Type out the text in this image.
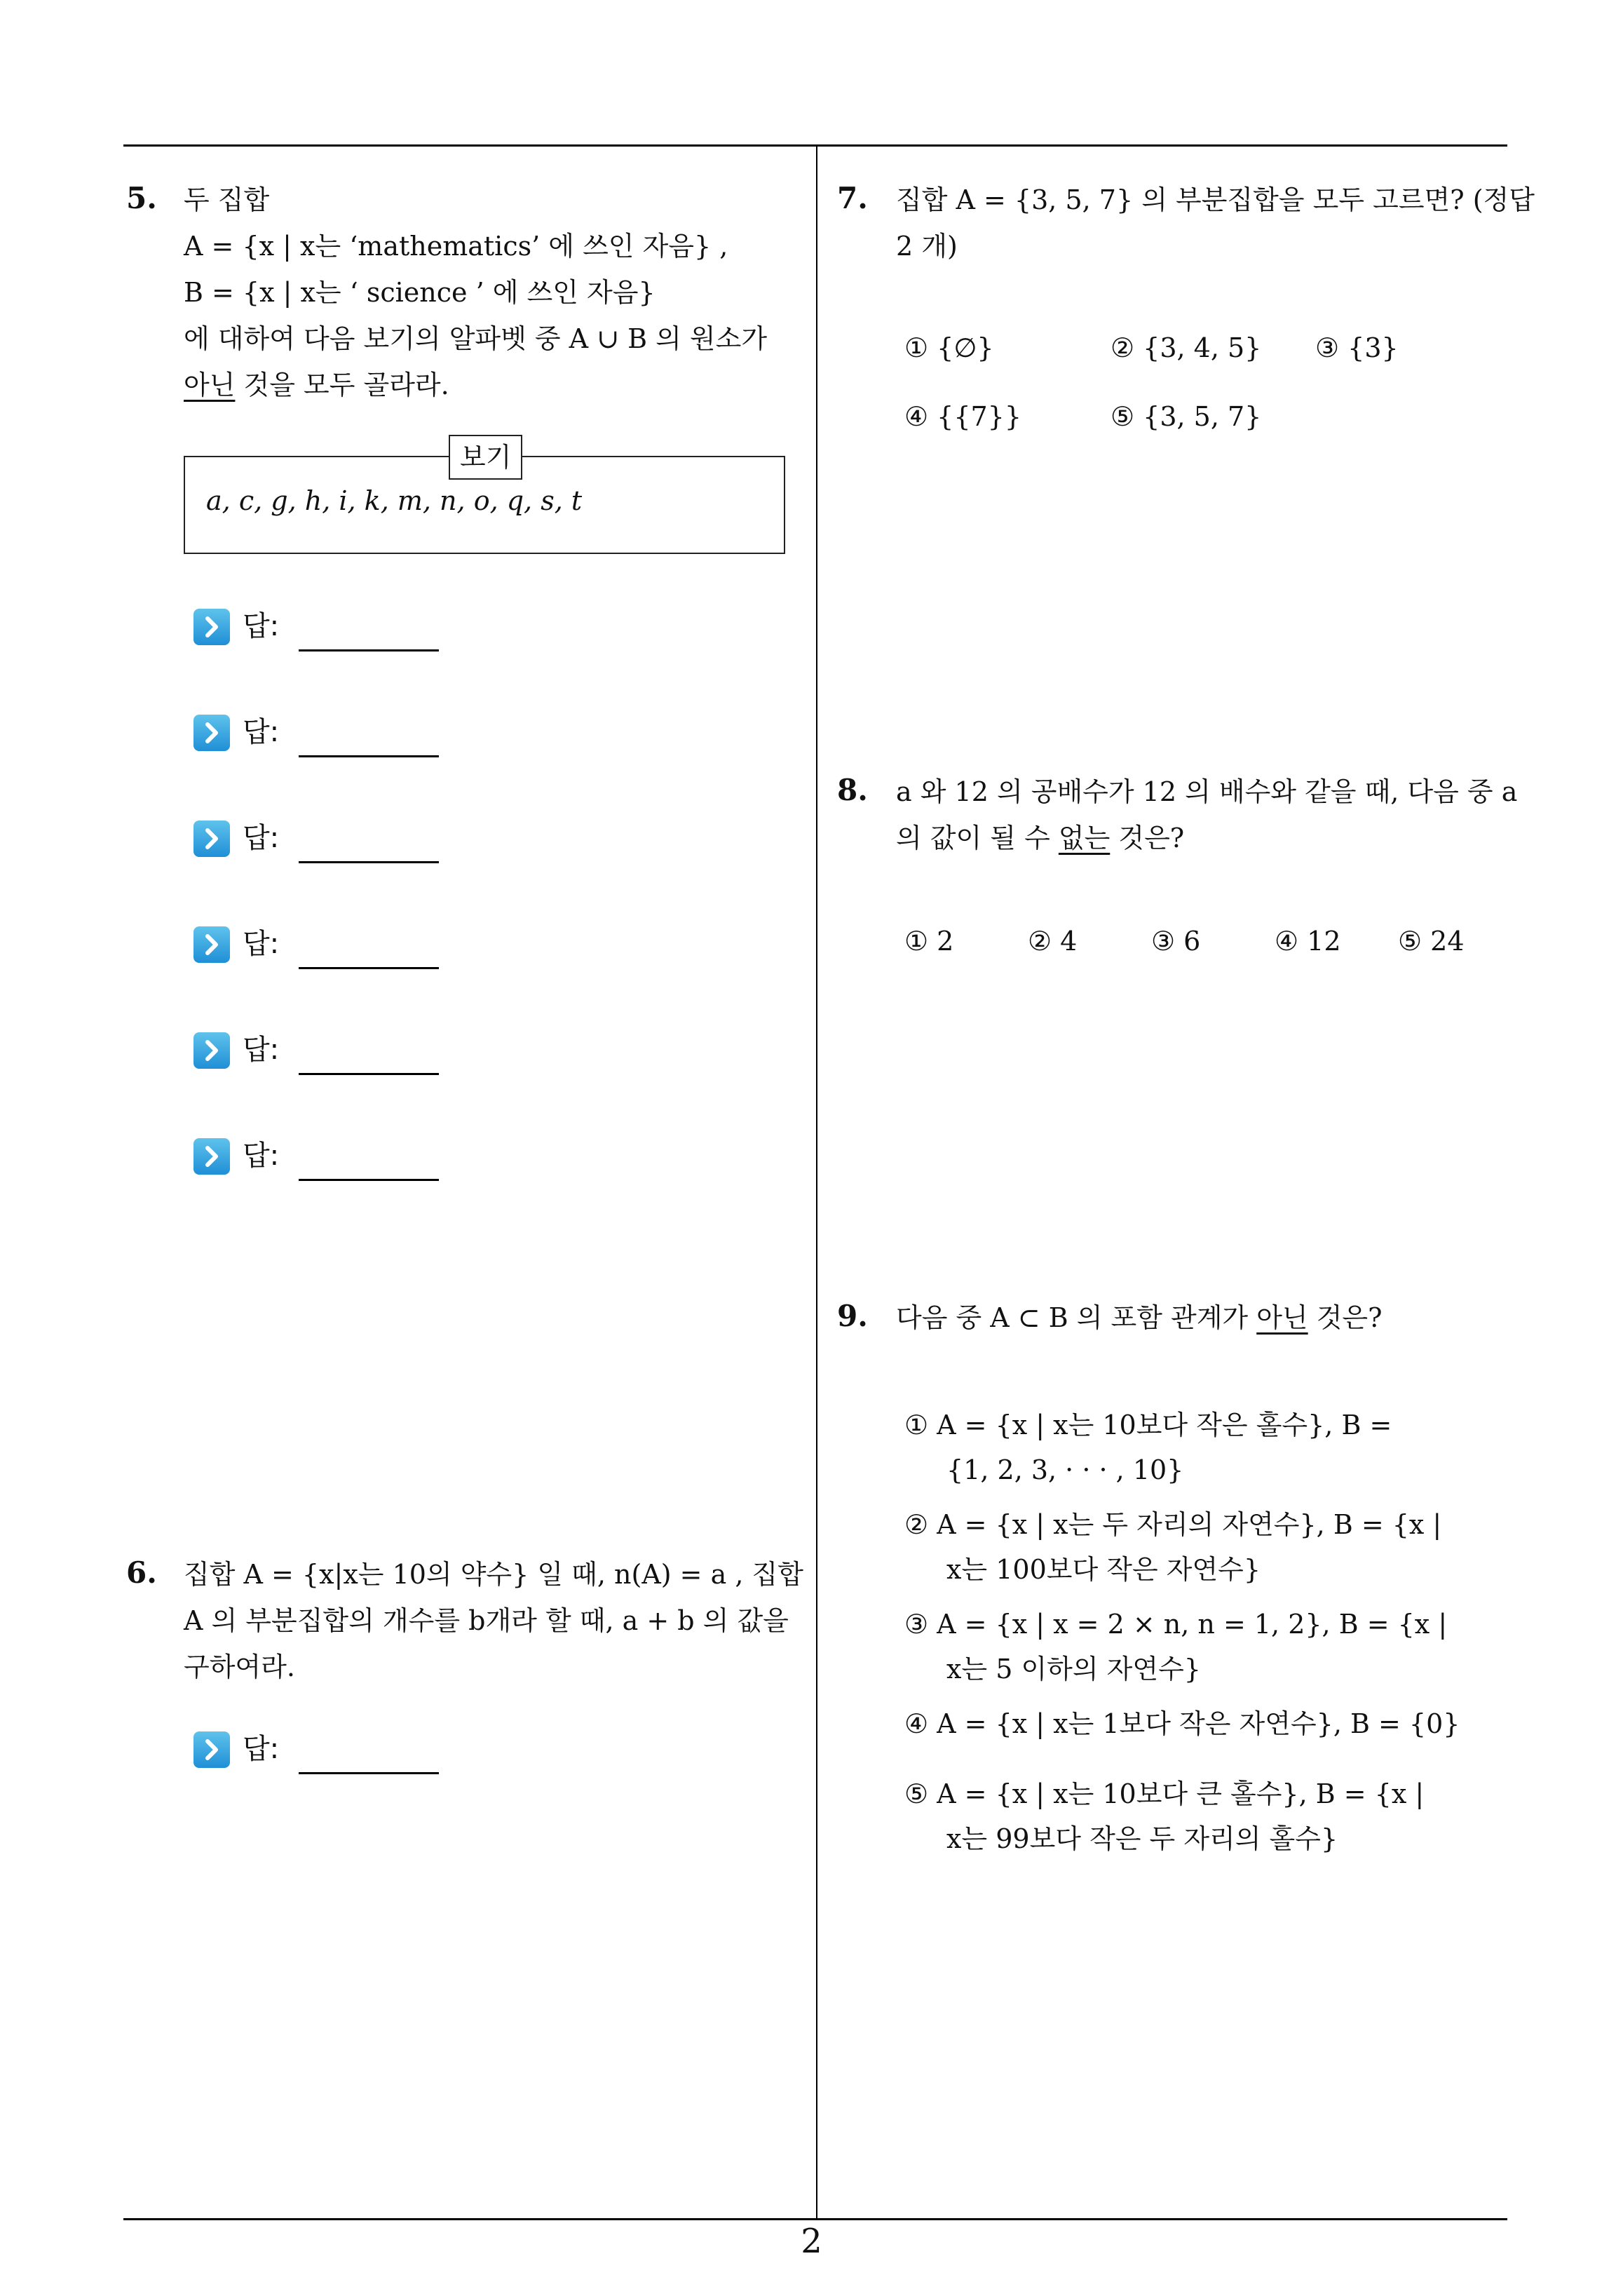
5. 두 집합
A = {x | x는 ‘mathematics’ 에 쓰인 자음} ,
B = {x | x는 ‘ science ’ 에 쓰인 자음}
에 대하여 다음 보기의 알파벳 중 A ∪ B 의 원소가
아닌 것을 모두 골라라.
a, c, g, h, i, k, m, n, o, q, s, t
보기
답:
답:
답:
답:
답:
답:
6. 집합 A = {x|x는 10의 약수} 일 때, n(A) = a , 집합
A 의 부분집합의 개수를 b개라 할 때, a + b 의 값을
구하여라.
답:
7. 집합 A = {3, 5, 7} 의 부분집합을 모두 고르면? (정답
2 개)
① {∅}	② {3, 4, 5} ③ {3}
④ {{7}}	⑤ {3, 5, 7}
8. a 와 12 의 공배수가 12 의 배수와 같을 때, 다음 중 a
의 값이 될 수 없는 것은?
① 2	② 4	③ 6	④ 12 ⑤ 24
9. 다음 중 A ⊂ B 의 포함 관계가 아닌 것은?
① A = {x | x는 10보다 작은 홀수}, B =
{1, 2, 3, · · · , 10}
② A = {x | x는 두 자리의 자연수}, B = {x |
x는 100보다 작은 자연수}
③ A = {x | x = 2 × n, n = 1, 2}, B = {x |
x는 5 이하의 자연수}
④ A = {x | x는 1보다 작은 자연수}, B = {0}
⑤ A = {x | x는 10보다 큰 홀수}, B = {x |
x는 99보다 작은 두 자리의 홀수}
2
